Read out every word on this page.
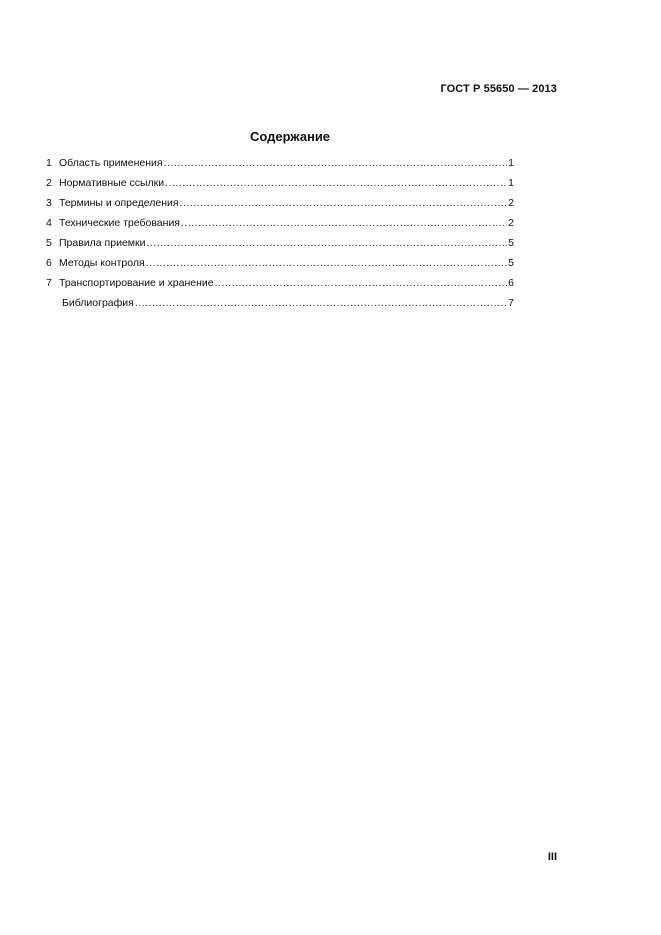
ГОСТ Р 55650 — 2013
Содержание
1 Область применения .....	1
2 Нормативные ссылки .....	1
3 Термины и определения .....	2
4 Технические требования .....	2
5 Правила приемки .....	5
6 Методы контроля .....	5
7 Транспортирование и хранение .....	6
Библиография .....	7
III
